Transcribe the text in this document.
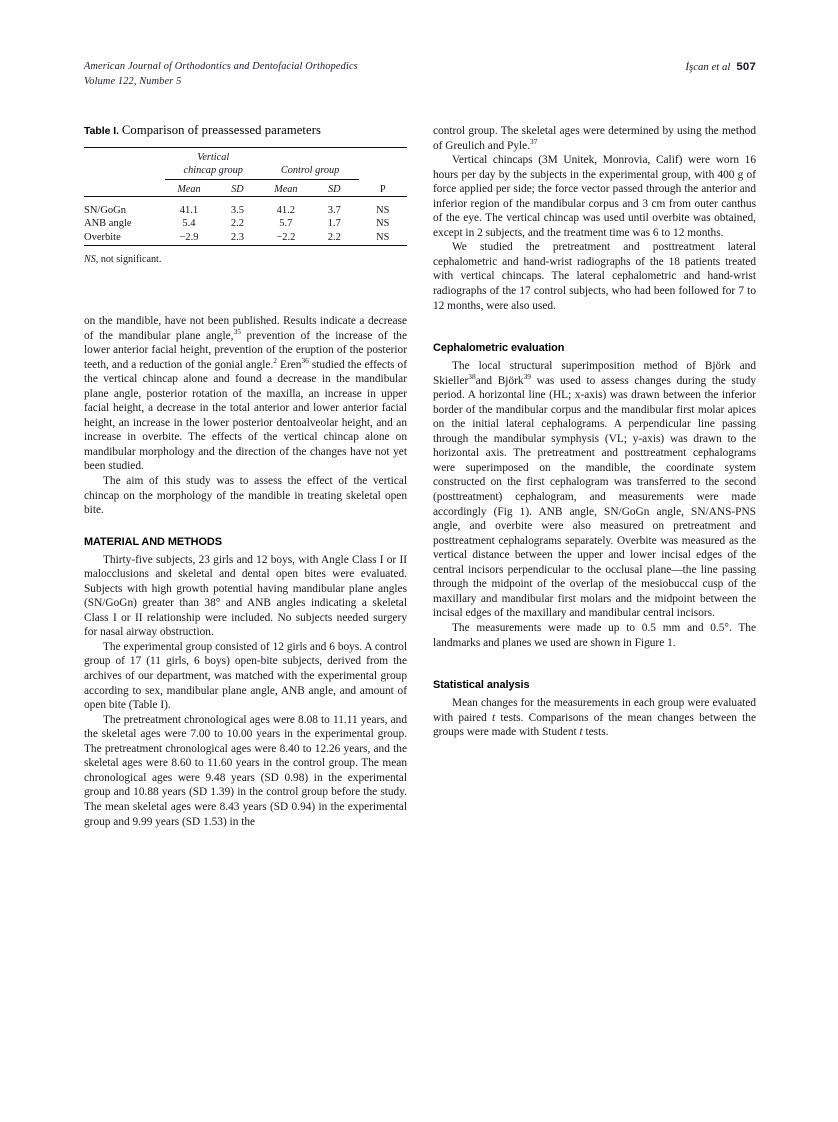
American Journal of Orthodontics and Dentofacial Orthopedics
Volume 122, Number 5
İşcan et al 507
Table I. Comparison of preassessed parameters

	Vertical				
	chincap group		Control group		

	Mean	SD	Mean	SD	P

SN/GoGn	41.1	3.5	41.2	3.7	NS
ANB angle	5.4	2.2	5.7	1.7	NS
Overbite	−2.9	2.3	−2.2	2.2	NS
NS, not significant.

on the mandible, have not been published. Results indicate a decrease of the mandibular plane angle,$^{35}$ prevention of the increase of the lower anterior facial height, prevention of the eruption of the posterior teeth, and a reduction of the gonial angle.$^2$ Eren$^{36}$ studied the effects of the vertical chincap alone and found a decrease in the mandibular plane angle, posterior rotation of the maxilla, an increase in upper facial height, a decrease in the total anterior and lower anterior facial height, an increase in the lower posterior dentoalveolar height, and an increase in overbite. The effects of the vertical chincap alone on mandibular morphology and the direction of the changes have not yet been studied.

The aim of this study was to assess the effect of the vertical chincap on the morphology of the mandible in treating skeletal open bite.

MATERIAL AND METHODS

Thirty-five subjects, 23 girls and 12 boys, with Angle Class I or II malocclusions and skeletal and dental open bites were evaluated. Subjects with high growth potential having mandibular plane angles (SN/GoGn) greater than 38° and ANB angles indicating a skeletal Class I or II relationship were included. No subjects needed surgery for nasal airway obstruction.

The experimental group consisted of 12 girls and 6 boys. A control group of 17 (11 girls, 6 boys) open-bite subjects, derived from the archives of our department, was matched with the experimental group according to sex, mandibular plane angle, ANB angle, and amount of open bite (Table I).

The pretreatment chronological ages were 8.08 to 11.11 years, and the skeletal ages were 7.00 to 10.00 years in the experimental group. The pretreatment chronological ages were 8.40 to 12.26 years, and the skeletal ages were 8.60 to 11.60 years in the control group. The mean chronological ages were 9.48 years (SD 0.98) in the experimental group and 10.88 years (SD 1.39) in the control group before the study. The mean skeletal ages were 8.43 years (SD 0.94) in the experimental group and 9.99 years (SD 1.53) in the

control group. The skeletal ages were determined by using the method of Greulich and Pyle.$^{37}$

Vertical chincaps (3M Unitek, Monrovia, Calif) were worn 16 hours per day by the subjects in the experimental group, with 400 g of force applied per side; the force vector passed through the anterior and inferior region of the mandibular corpus and 3 cm from outer canthus of the eye. The vertical chincap was used until overbite was obtained, except in 2 subjects, and the treatment time was 6 to 12 months.

We studied the pretreatment and posttreatment lateral cephalometric and hand-wrist radiographs of the 18 patients treated with vertical chincaps. The lateral cephalometric and hand-wrist radiographs of the 17 control subjects, who had been followed for 7 to 12 months, were also used.

Cephalometric evaluation

The local structural superimposition method of Björk and Skieller$^{38}$and Björk$^{39}$ was used to assess changes during the study period. A horizontal line (HL; x-axis) was drawn between the inferior border of the mandibular corpus and the mandibular first molar apices on the initial lateral cephalograms. A perpendicular line passing through the mandibular symphysis (VL; y-axis) was drawn to the horizontal axis. The pretreatment and posttreatment cephalograms were superimposed on the mandible, the coordinate system constructed on the first cephalogram was transferred to the second (posttreatment) cephalogram, and measurements were made accordingly (Fig 1). ANB angle, SN/GoGn angle, SN/ANS-PNS angle, and overbite were also measured on pretreatment and posttreatment cephalograms separately. Overbite was measured as the vertical distance between the upper and lower incisal edges of the central incisors perpendicular to the occlusal plane—the line passing through the midpoint of the overlap of the mesiobuccal cusp of the maxillary and mandibular first molars and the midpoint between the incisal edges of the maxillary and mandibular central incisors.

The measurements were made up to 0.5 mm and 0.5°. The landmarks and planes we used are shown in Figure 1.

Statistical analysis

Mean changes for the measurements in each group were evaluated with paired t tests. Comparisons of the mean changes between the groups were made with Student t tests.
